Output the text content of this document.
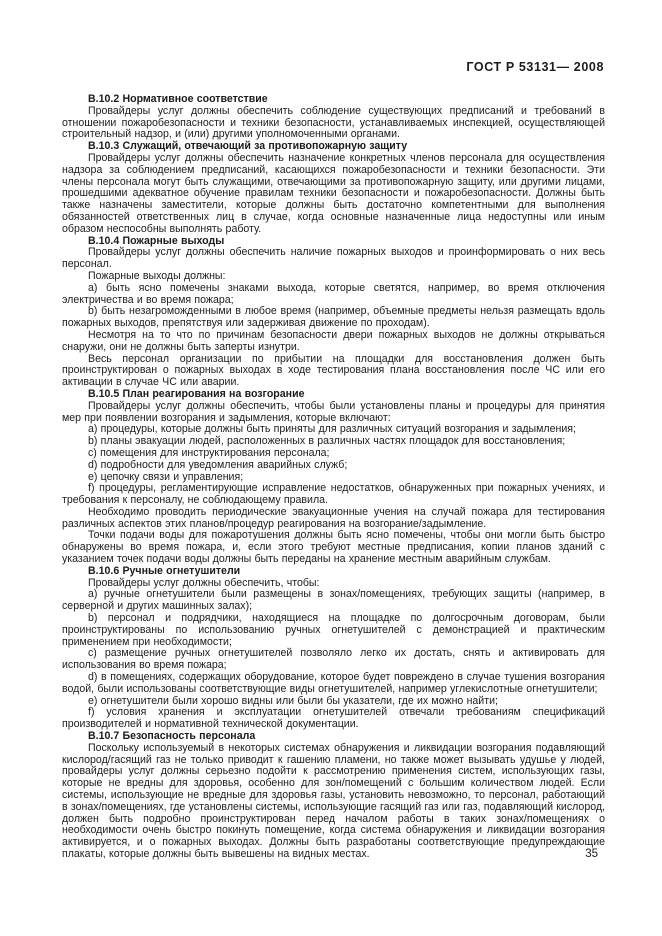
ГОСТ Р 53131— 2008

В.10.2 Нормативное соответствие

Провайдеры услуг должны обеспечить соблюдение существующих предписаний и требований в отношении пожаробезопасности и техники безопасности, устанавливаемых инспекцией, осуществляющей строительный надзор, и (или) другими уполномоченными органами.

В.10.3 Служащий, отвечающий за противопожарную защиту

Провайдеры услуг должны обеспечить назначение конкретных членов персонала для осуществления надзора за соблюдением предписаний, касающихся пожаробезопасности и техники безопасности. Эти члены персонала могут быть служащими, отвечающими за противопожарную защиту, или другими лицами, прошедшими адекватное обучение правилам техники безопасности и пожаробезопасности. Должны быть также назначены заместители, которые должны быть достаточно компетентными для выполнения обязанностей ответственных лиц в случае, когда основные назначенные лица недоступны или иным образом неспособны выполнять работу.

В.10.4 Пожарные выходы

Провайдеры услуг должны обеспечить наличие пожарных выходов и проинформировать о них весь персонал.

Пожарные выходы должны:

a) быть ясно помечены знаками выхода, которые светятся, например, во время отключения электричества и во время пожара;

b) быть незагроможденными в любое время (например, объемные предметы нельзя размещать вдоль пожарных выходов, препятствуя или задерживая движение по проходам).

Несмотря на то что по причинам безопасности двери пожарных выходов не должны открываться снаружи, они не должны быть заперты изнутри.

Весь персонал организации по прибытии на площадки для восстановления должен быть проинструктирован о пожарных выходах в ходе тестирования плана восстановления после ЧС или его активации в случае ЧС или аварии.

В.10.5 План реагирования на возгорание

Провайдеры услуг должны обеспечить, чтобы были установлены планы и процедуры для принятия мер при появлении возгорания и задымления, которые включают:

a) процедуры, которые должны быть приняты для различных ситуаций возгорания и задымления;

b) планы эвакуации людей, расположенных в различных частях площадок для восстановления;

c) помещения для инструктирования персонала;

d) подробности для уведомления аварийных служб;

e) цепочку связи и управления;

f) процедуры, регламентирующие исправление недостатков, обнаруженных при пожарных учениях, и требования к персоналу, не соблюдающему правила.

Необходимо проводить периодические эвакуационные учения на случай пожара для тестирования различных аспектов этих планов/процедур реагирования на возгорание/задымление.

Точки подачи воды для пожаротушения должны быть ясно помечены, чтобы они могли быть быстро обнаружены во время пожара, и, если этого требуют местные предписания, копии планов зданий с указанием точек подачи воды должны быть переданы на хранение местным аварийным службам.

В.10.6 Ручные огнетушители

Провайдеры услуг должны обеспечить, чтобы:

a) ручные огнетушители были размещены в зонах/помещениях, требующих защиты (например, в серверной и других машинных залах);

b) персонал и подрядчики, находящиеся на площадке по долгосрочным договорам, были проинструктированы по использованию ручных огнетушителей с демонстрацией и практическим применением при необходимости;

c) размещение ручных огнетушителей позволяло легко их достать, снять и активировать для использования во время пожара;

d) в помещениях, содержащих оборудование, которое будет повреждено в случае тушения возгорания водой, были использованы соответствующие виды огнетушителей, например углекислотные огнетушители;

e) огнетушители были хорошо видны или были бы указатели, где их можно найти;

f) условия хранения и эксплуатации огнетушителей отвечали требованиям спецификаций производителей и нормативной технической документации.

В.10.7 Безопасность персонала

Поскольку используемый в некоторых системах обнаружения и ликвидации возгорания подавляющий кислород/гасящий газ не только приводит к гашению пламени, но также может вызывать удушье у людей, провайдеры услуг должны серьезно подойти к рассмотрению применения систем, использующих газы, которые не вредны для здоровья, особенно для зон/помещений с большим количеством людей. Если системы, использующие не вредные для здоровья газы, установить невозможно, то персонал, работающий в зонах/помещениях, где установлены системы, использующие гасящий газ или газ, подавляющий кислород, должен быть подробно проинструктирован перед началом работы в таких зонах/помещениях о необходимости очень быстро покинуть помещение, когда система обнаружения и ликвидации возгорания активируется, и о пожарных выходах. Должны быть разработаны соответствующие предупреждающие плакаты, которые должны быть вывешены на видных местах.	35
